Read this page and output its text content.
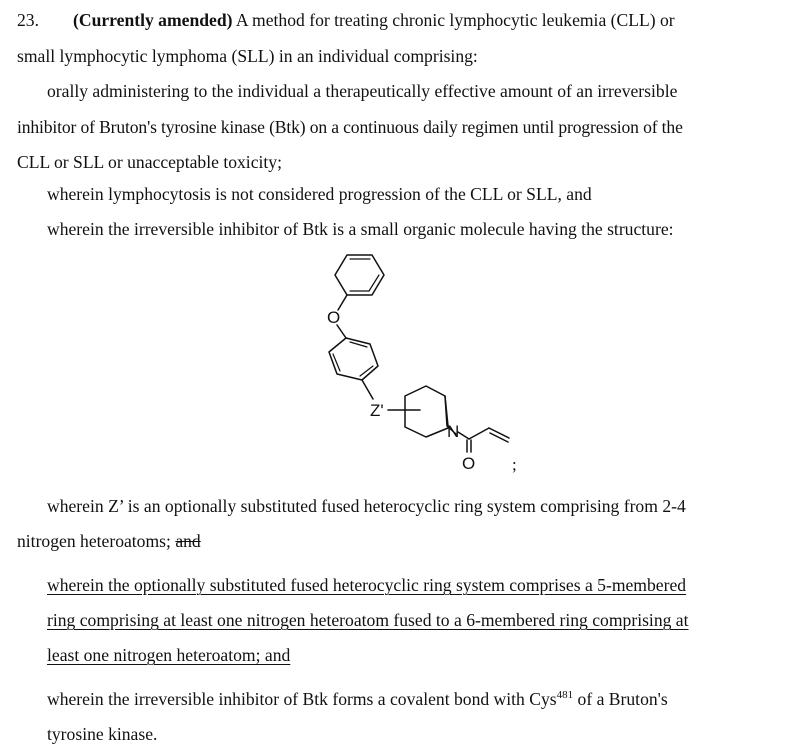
23. (Currently amended) A method for treating chronic lymphocytic leukemia (CLL) or
small lymphocytic lymphoma (SLL) in an individual comprising:
orally administering to the individual a therapeutically effective amount of an irreversible
inhibitor of Bruton's tyrosine kinase (Btk) on a continuous daily regimen until progression of the
CLL or SLL or unacceptable toxicity;
wherein lymphocytosis is not considered progression of the CLL or SLL, and
wherein the irreversible inhibitor of Btk is a small organic molecule having the structure:
O
Z'
N
O ;
wherein Z’ is an optionally substituted fused heterocyclic ring system comprising from 2-4
nitrogen heteroatoms; and
wherein the optionally substituted fused heterocyclic ring system comprises a 5-membered
ring comprising at least one nitrogen heteroatom fused to a 6-membered ring comprising at
least one nitrogen heteroatom; and
wherein the irreversible inhibitor of Btk forms a covalent bond with Cys$^{481}$ of a Bruton's
tyrosine kinase.
